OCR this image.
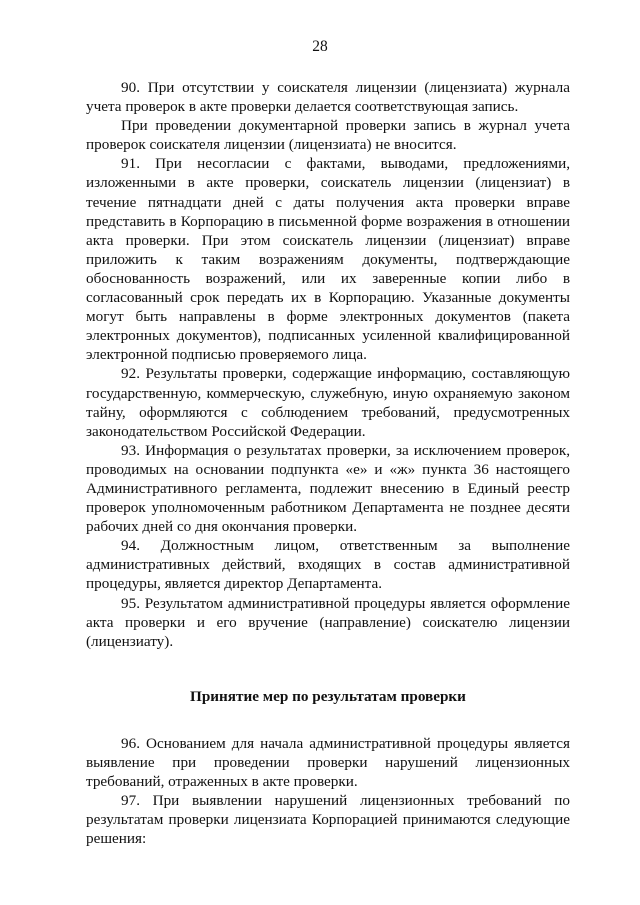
28

90. При отсутствии у соискателя лицензии (лицензиата) журнала учета проверок в акте проверки делается соответствующая запись.

При проведении документарной проверки запись в журнал учета проверок соискателя лицензии (лицензиата) не вносится.

91. При несогласии с фактами, выводами, предложениями, изложенными в акте проверки, соискатель лицензии (лицензиат) в течение пятнадцати дней с даты получения акта проверки вправе представить в Корпорацию в письменной форме возражения в отношении акта проверки. При этом соискатель лицензии (лицензиат) вправе приложить к таким возражениям документы, подтверждающие обоснованность возражений, или их заверенные копии либо в согласованный срок передать их в Корпорацию. Указанные документы могут быть направлены в форме электронных документов (пакета электронных документов), подписанных усиленной квалифицированной электронной подписью проверяемого лица.

92. Результаты проверки, содержащие информацию, составляющую государственную, коммерческую, служебную, иную охраняемую законом тайну, оформляются с соблюдением требований, предусмотренных законодательством Российской Федерации.

93. Информация о результатах проверки, за исключением проверок, проводимых на основании подпункта «е» и «ж» пункта 36 настоящего Административного регламента, подлежит внесению в Единый реестр проверок уполномоченным работником Департамента не позднее десяти рабочих дней со дня окончания проверки.

94. Должностным лицом, ответственным за выполнение административных действий, входящих в состав административной процедуры, является директор Департамента.

95. Результатом административной процедуры является оформление акта проверки и его вручение (направление) соискателю лицензии (лицензиату).

Принятие мер по результатам проверки

96. Основанием для начала административной процедуры является выявление при проведении проверки нарушений лицензионных требований, отраженных в акте проверки.

97. При выявлении нарушений лицензионных требований по результатам проверки лицензиата Корпорацией принимаются следующие решения:
